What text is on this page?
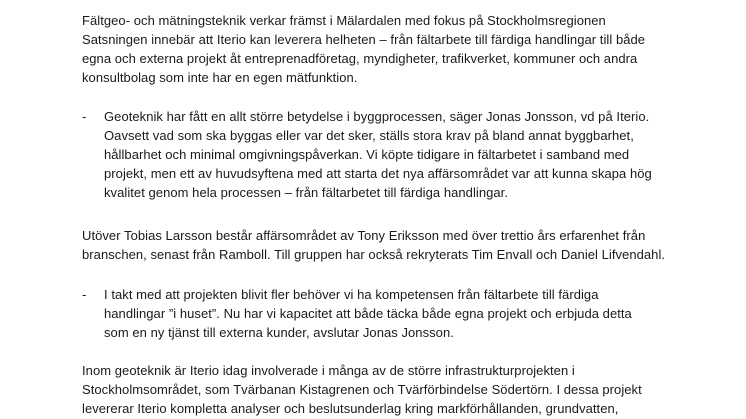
Fältgeo- och mätningsteknik verkar främst i Mälardalen med fokus på Stockholmsregionen
Satsningen innebär att Iterio kan leverera helheten – från fältarbete till färdiga handlingar till både
egna och externa projekt åt entreprenadföretag, myndigheter, trafikverket, kommuner och andra
konsultbolag som inte har en egen mätfunktion.
-	Geoteknik har fått en allt större betydelse i byggprocessen, säger Jonas Jonsson, vd på Iterio.
Oavsett vad som ska byggas eller var det sker, ställs stora krav på bland annat byggbarhet,
hållbarhet och minimal omgivningspåverkan. Vi köpte tidigare in fältarbetet i samband med
projekt, men ett av huvudsyftena med att starta det nya affärsområdet var att kunna skapa hög
kvalitet genom hela processen – från fältarbetet till färdiga handlingar.
Utöver Tobias Larsson består affärsområdet av Tony Eriksson med över trettio års erfarenhet från
branschen, senast från Ramboll. Till gruppen har också rekryterats Tim Envall och Daniel Lifvendahl.
-	I takt med att projekten blivit fler behöver vi ha kompetensen från fältarbete till färdiga
handlingar ”i huset”. Nu har vi kapacitet att både täcka både egna projekt och erbjuda detta
som en ny tjänst till externa kunder, avslutar Jonas Jonsson.
Inom geoteknik är Iterio idag involverade i många av de större infrastrukturprojekten i
Stockholmsområdet, som Tvärbanan Kistagrenen och Tvärförbindelse Södertörn. I dessa projekt
levererar Iterio kompletta analyser och beslutsunderlag kring markförhållanden, grundvatten,
